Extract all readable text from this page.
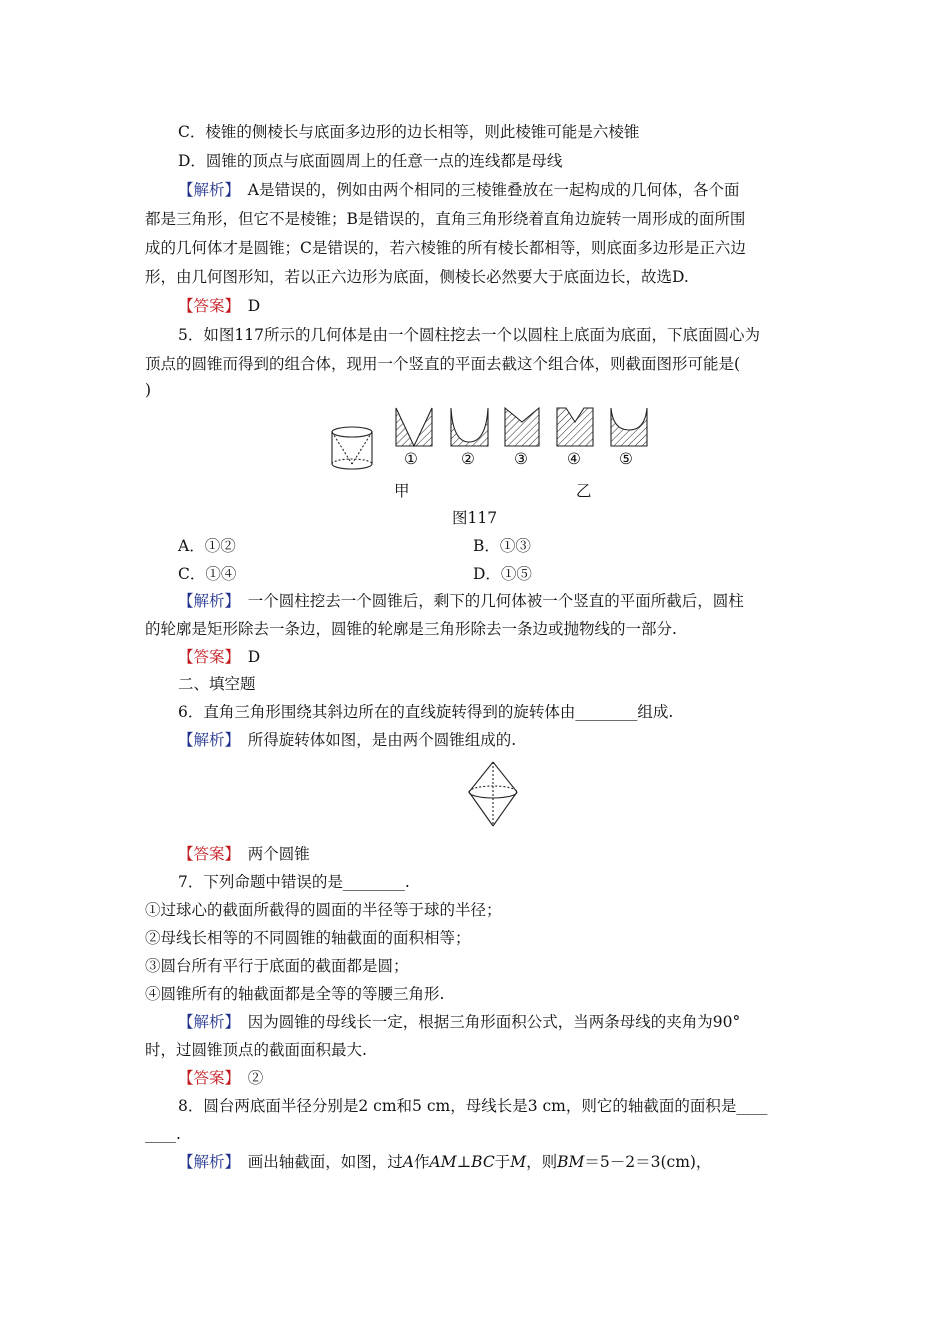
C．棱锥的侧棱长与底面多边形的边长相等，则此棱锥可能是六棱锥
D．圆锥的顶点与底面圆周上的任意一点的连线都是母线
【解析】　A是错误的，例如由两个相同的三棱锥叠放在一起构成的几何体，各个面
都是三角形，但它不是棱锥；B是错误的，直角三角形绕着直角边旋转一周形成的面所围
成的几何体才是圆锥；C是错误的，若六棱锥的所有棱长都相等，则底面多边形是正六边
形，由几何图形知，若以正六边形为底面，侧棱长必然要大于底面边长，故选D.
【答案】　D
5．如图117所示的几何体是由一个圆柱挖去一个以圆柱上底面为底面，下底面圆心为
顶点的圆锥而得到的组合体，现用一个竖直的平面去截这个组合体，则截面图形可能是(
)
①	②	③	④ ⑤
甲	乙
图117
A．①②	B．①③
C．①④	D．①⑤
【解析】　一个圆柱挖去一个圆锥后，剩下的几何体被一个竖直的平面所截后，圆柱
的轮廓是矩形除去一条边，圆锥的轮廓是三角形除去一条边或抛物线的一部分.
【答案】　D
二、填空题
6．直角三角形围绕其斜边所在的直线旋转得到的旋转体由________组成.
【解析】　所得旋转体如图，是由两个圆锥组成的.
【答案】　两个圆锥
7．下列命题中错误的是________.
①过球心的截面所截得的圆面的半径等于球的半径；
②母线长相等的不同圆锥的轴截面的面积相等；
③圆台所有平行于底面的截面都是圆；
④圆锥所有的轴截面都是全等的等腰三角形.
【解析】　因为圆锥的母线长一定，根据三角形面积公式，当两条母线的夹角为90°
时，过圆锥顶点的截面面积最大.
【答案】　②
8．圆台两底面半径分别是2 cm和5 cm，母线长是3 cm，则它的轴截面的面积是____
____.
【解析】　画出轴截面，如图，过A作AM⊥BC于M，则BM＝5－2＝3(cm)，
